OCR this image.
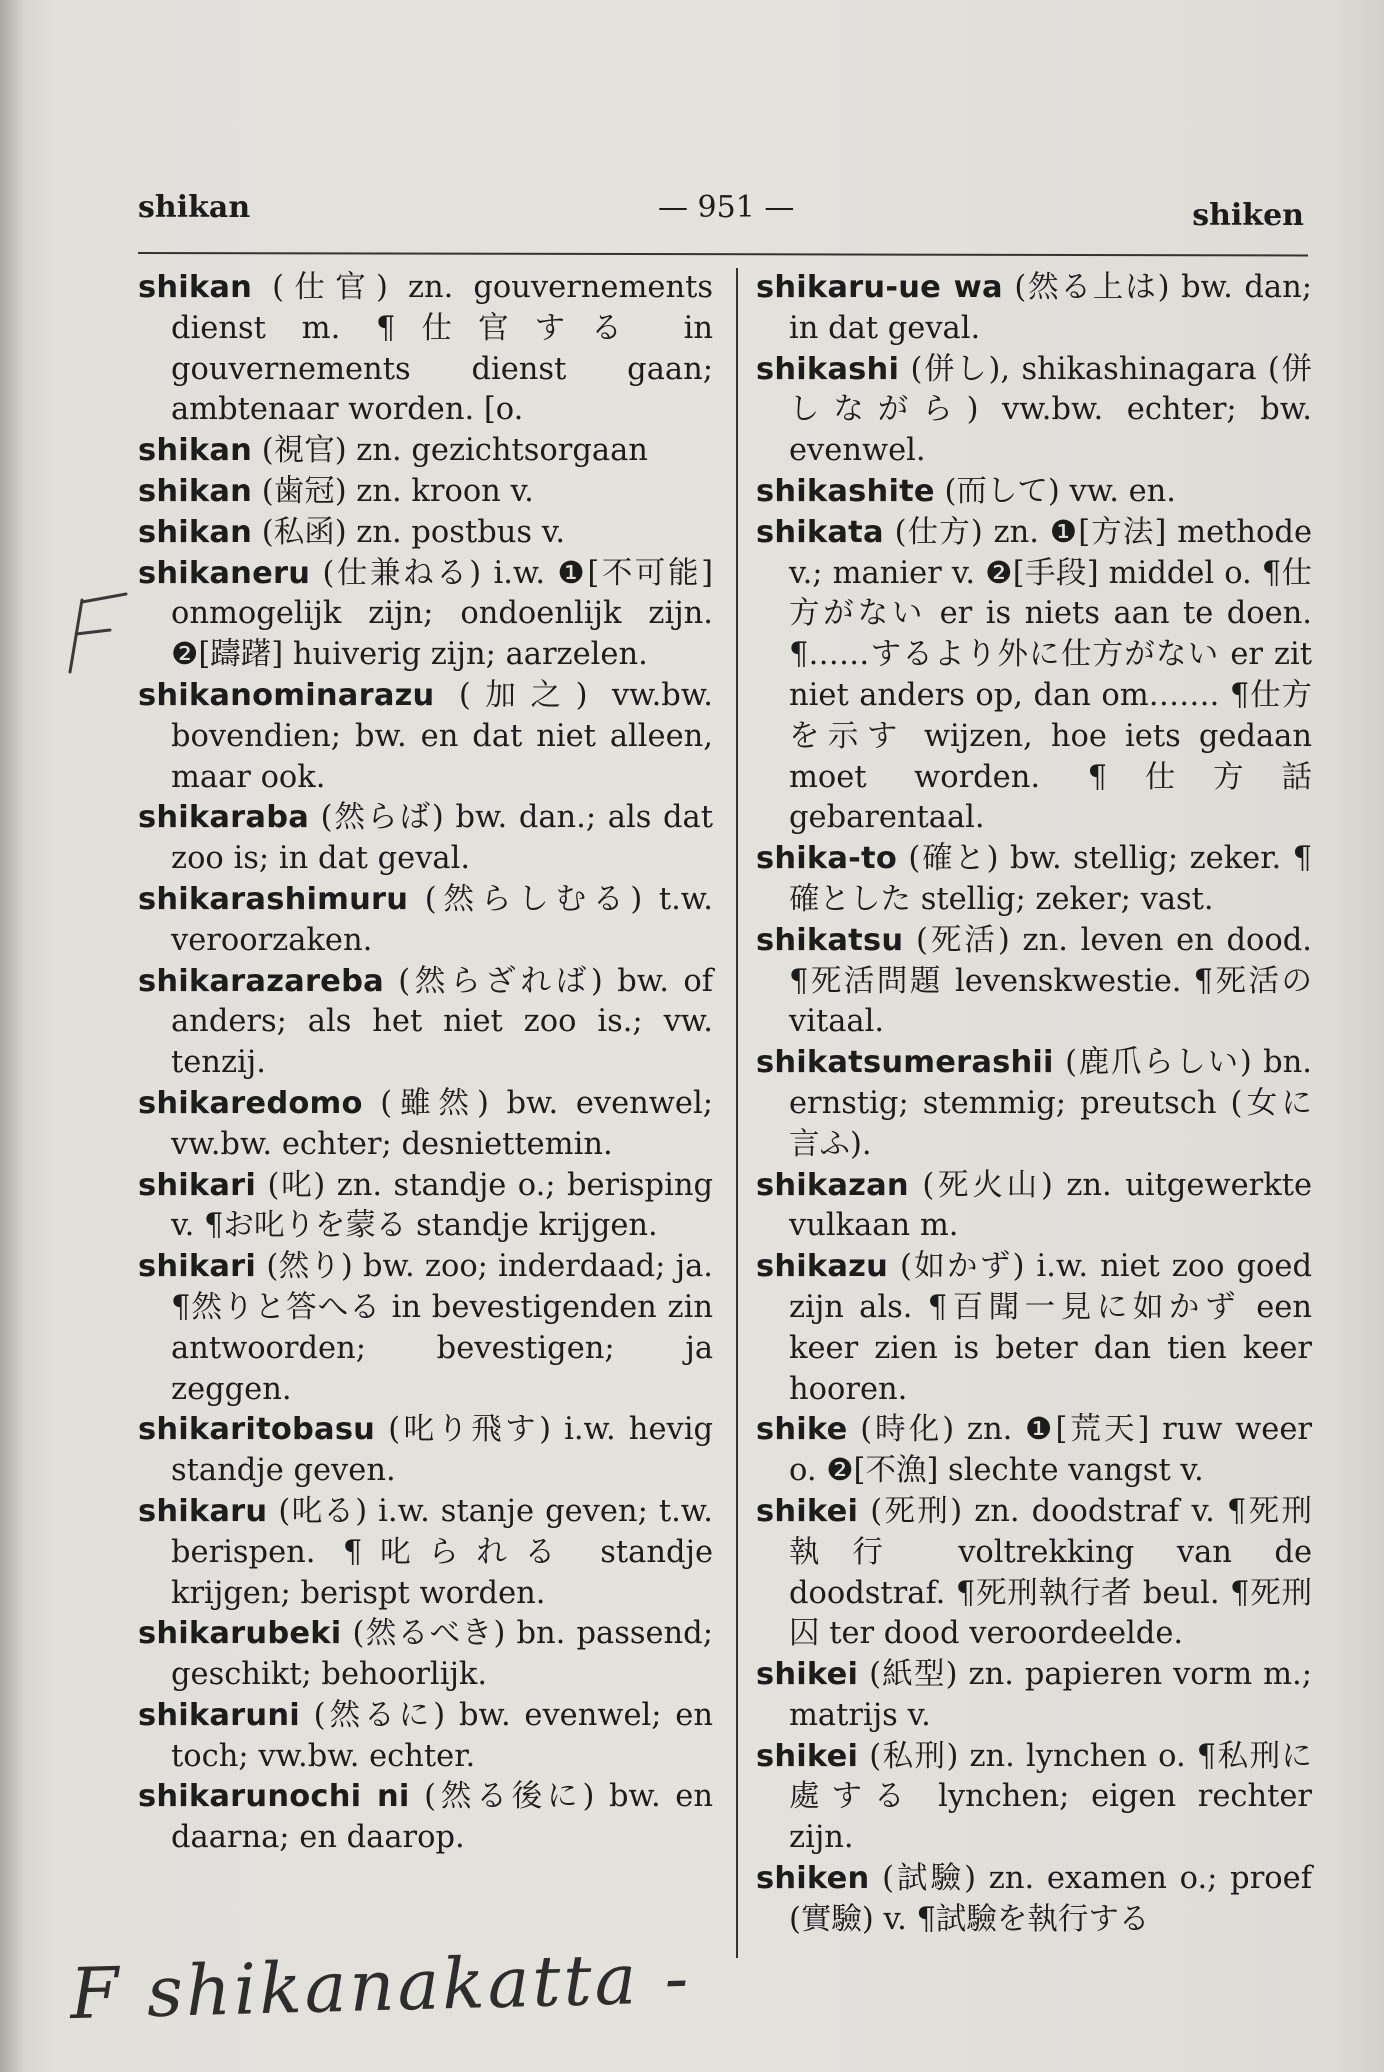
shikan	— 951 —	shiken
shikan (仕官) zn. gouvernements dienst m. ¶仕官する in gouvernements dienst gaan; ambtenaar worden. [o.
shikan (視官) zn. gezichtsorgaan
shikan (歯冠) zn. kroon v.
shikan (私函) zn. postbus v.
shikaneru (仕兼ねる) i.w. ❶[不可能] onmogelijk zijn; ondoenlijk zijn. ❷[躊躇] huiverig zijn; aarzelen.
shikanominarazu (加之) vw.bw. bovendien; bw. en dat niet alleen, maar ook.
shikaraba (然らば) bw. dan.; als dat zoo is; in dat geval.
shikarashimuru (然らしむる) t.w. veroorzaken.
shikarazareba (然らざれば) bw. of anders; als het niet zoo is.; vw. tenzij.
shikaredomo (雖然) bw. evenwel; vw.bw. echter; desniettemin.
shikari (叱) zn. standje o.; berisping v. ¶お叱りを蒙る standje krijgen.
shikari (然り) bw. zoo; inderdaad; ja. ¶然りと答へる in bevestigenden zin antwoorden; bevestigen; ja zeggen.
shikaritobasu (叱り飛す) i.w. hevig standje geven.
shikaru (叱る) i.w. stanje geven; t.w. berispen. ¶叱られる standje krijgen; berispt worden.
shikarubeki (然るべき) bn. passend; geschikt; behoorlijk.
shikaruni (然るに) bw. evenwel; en toch; vw.bw. echter.
shikarunochi ni (然る後に) bw. en daarna; en daarop.
shikaru-ue wa (然る上は) bw. dan; in dat geval.
shikashi (併し), shikashinagara (併しながら) vw.bw. echter; bw. evenwel.
shikashite (而して) vw. en.
shikata (仕方) zn. ❶[方法] methode v.; manier v. ❷[手段] middel o. ¶仕方がない er is niets aan te doen. ¶……するより外に仕方がない er zit niet anders op, dan om……. ¶仕方を示す wijzen, hoe iets gedaan moet worden. ¶仕方話 gebarentaal.
shika-to (確と) bw. stellig; zeker. ¶確とした stellig; zeker; vast.
shikatsu (死活) zn. leven en dood. ¶死活問題 levenskwestie. ¶死活の vitaal.
shikatsumerashii (鹿爪らしい) bn. ernstig; stemmig; preutsch (女に言ふ).
shikazan (死火山) zn. uitgewerkte vulkaan m.
shikazu (如かず) i.w. niet zoo goed zijn als. ¶百聞一見に如かず een keer zien is beter dan tien keer hooren.
shike (時化) zn. ❶[荒天] ruw weer o. ❷[不漁] slechte vangst v.
shikei (死刑) zn. doodstraf v. ¶死刑執行 voltrekking van de doodstraf. ¶死刑執行者 beul. ¶死刑囚 ter dood veroordeelde.
shikei (紙型) zn. papieren vorm m.; matrijs v.
shikei (私刑) zn. lynchen o. ¶私刑に處する lynchen; eigen rechter zijn.
shiken (試驗) zn. examen o.; proef (實驗) v. ¶試驗を執行する
F shikanakatta -
